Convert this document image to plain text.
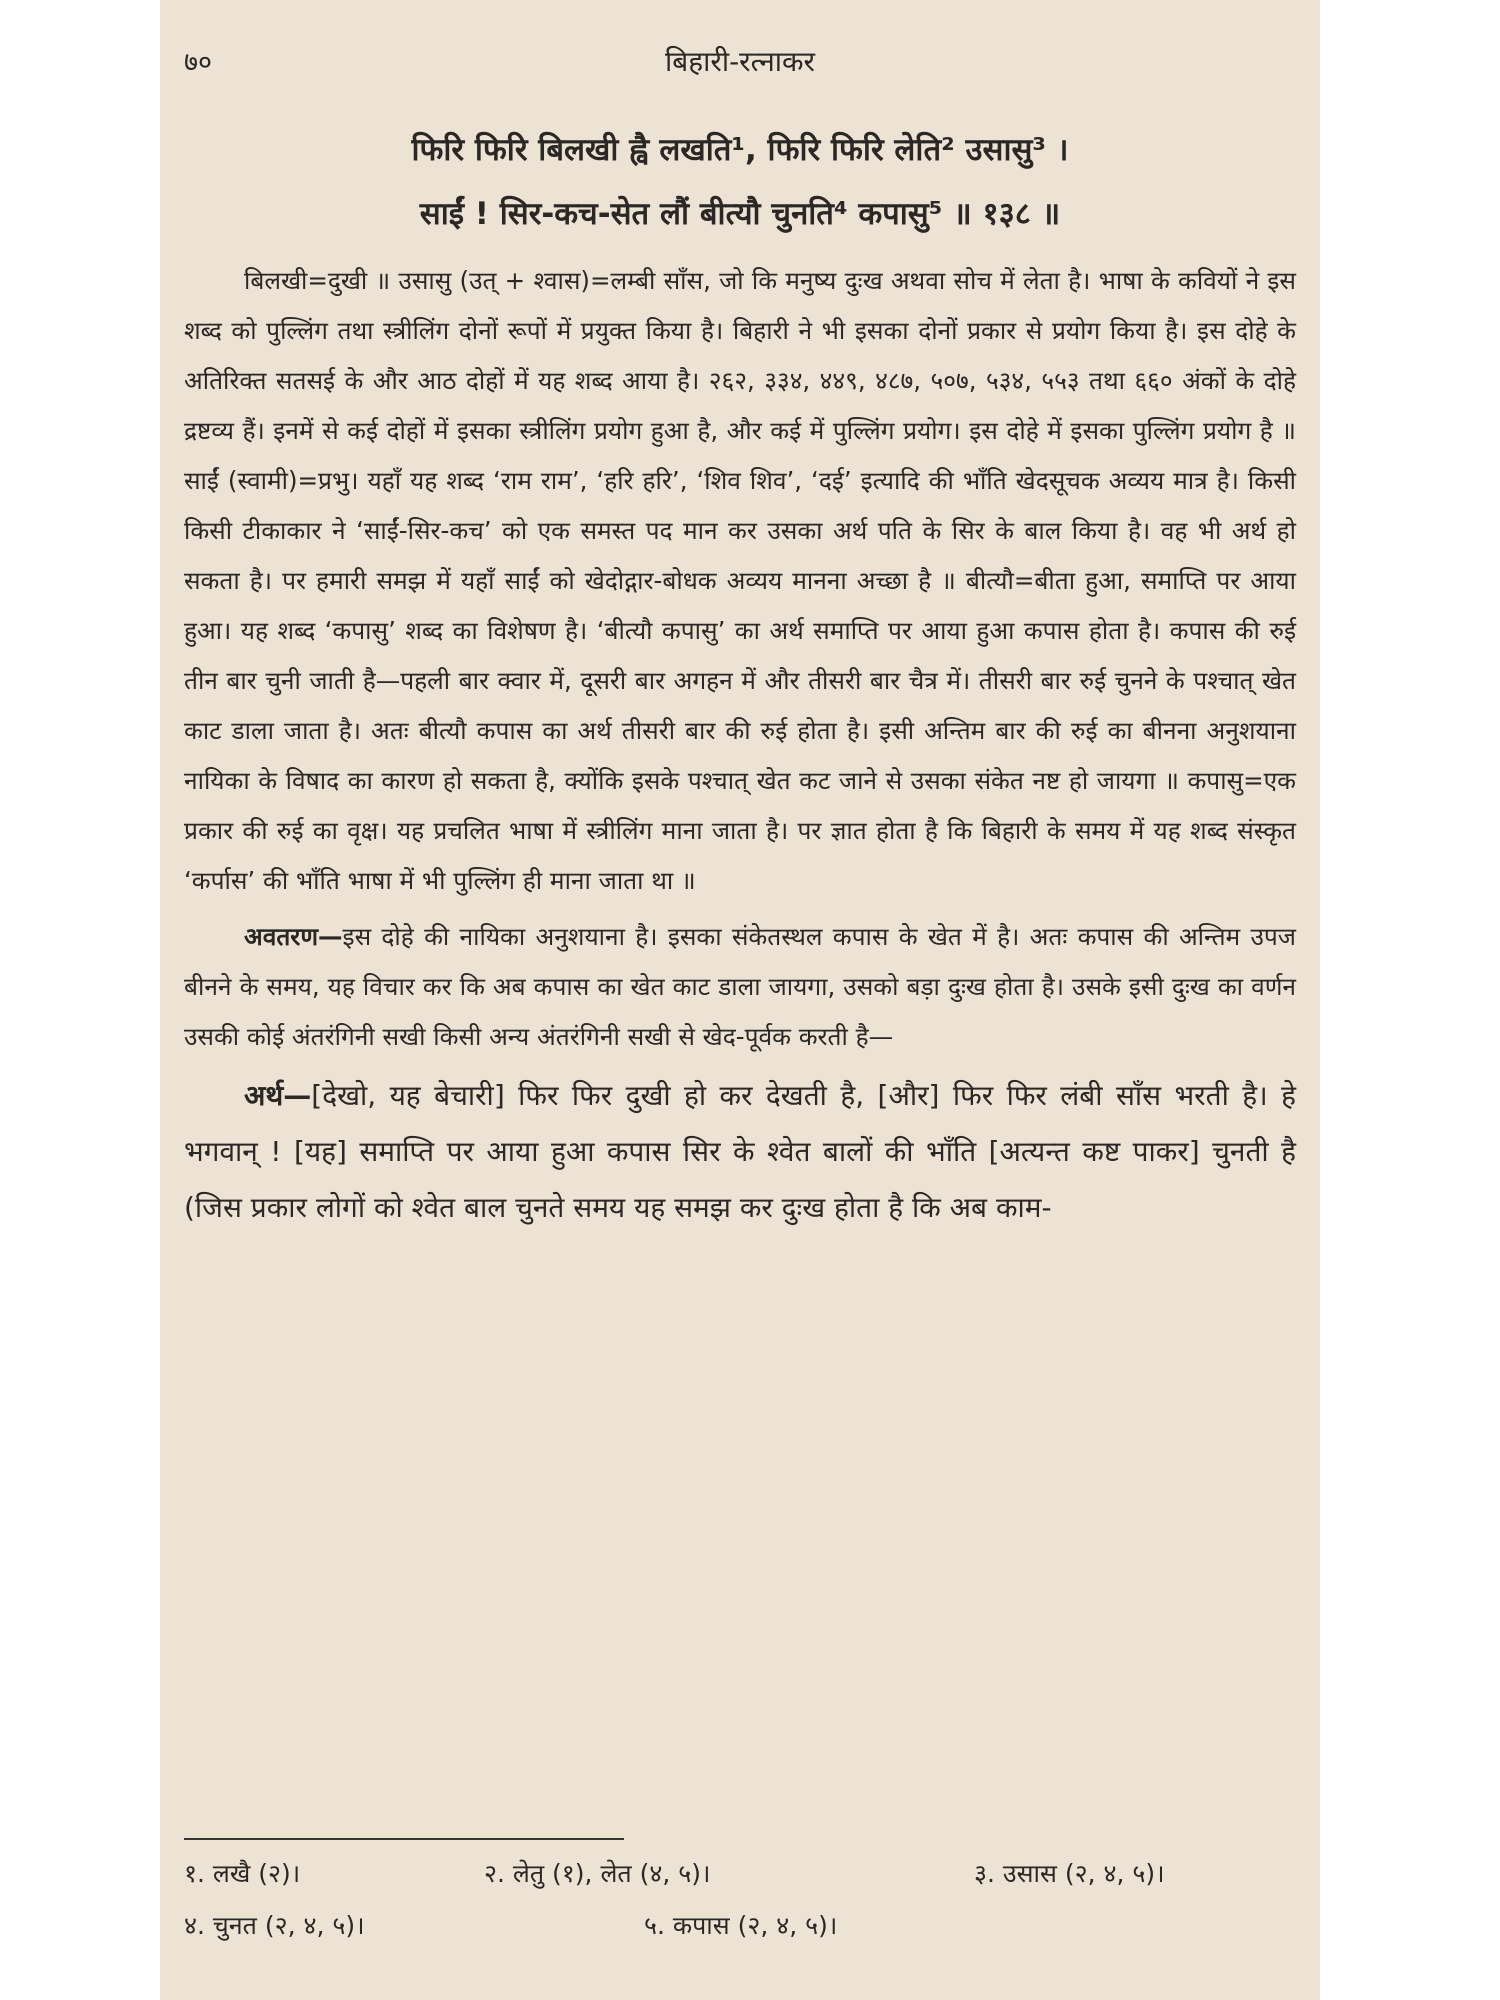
७०	बिहारी-रत्नाकर
फिरि फिरि बिलखी ह्वै लखति¹, फिरि फिरि लेति² उसासु³ ।
साईं ! सिर-कच-सेत लौं बीत्यौ चुनति⁴ कपासु⁵ ॥ १३८ ॥

बिलखी=दुखी ॥ उसासु (उत् + श्वास)=लम्बी साँस, जो कि मनुष्य दुःख अथवा सोच में लेता है। भाषा के कवियों ने इस शब्द को पुल्लिंग तथा स्त्रीलिंग दोनों रूपों में प्रयुक्त किया है। बिहारी ने भी इसका दोनों प्रकार से प्रयोग किया है। इस दोहे के अतिरिक्त सतसई के और आठ दोहों में यह शब्द आया है। २६२, ३३४, ४४९, ४८७, ५०७, ५३४, ५५३ तथा ६६० अंकों के दोहे द्रष्टव्य हैं। इनमें से कई दोहों में इसका स्त्रीलिंग प्रयोग हुआ है, और कई में पुल्लिंग प्रयोग। इस दोहे में इसका पुल्लिंग प्रयोग है ॥ साईं (स्वामी)=प्रभु। यहाँ यह शब्द ‘राम राम’, ‘हरि हरि’, ‘शिव शिव’, ‘दई’ इत्यादि की भाँति खेदसूचक अव्यय मात्र है। किसी किसी टीकाकार ने ‘साईं-सिर-कच’ को एक समस्त पद मान कर उसका अर्थ पति के सिर के बाल किया है। वह भी अर्थ हो सकता है। पर हमारी समझ में यहाँ साईं को खेदोद्गार-बोधक अव्यय मानना अच्छा है ॥ बीत्यौ=बीता हुआ, समाप्ति पर आया हुआ। यह शब्द ‘कपासु’ शब्द का विशेषण है। ‘बीत्यौ कपासु’ का अर्थ समाप्ति पर आया हुआ कपास होता है। कपास की रुई तीन बार चुनी जाती है—पहली बार क्वार में, दूसरी बार अगहन में और तीसरी बार चैत्र में। तीसरी बार रुई चुनने के पश्चात् खेत काट डाला जाता है। अतः बीत्यौ कपास का अर्थ तीसरी बार की रुई होता है। इसी अन्तिम बार की रुई का बीनना अनुशयाना नायिका के विषाद का कारण हो सकता है, क्योंकि इसके पश्चात् खेत कट जाने से उसका संकेत नष्ट हो जायगा ॥ कपासु=एक प्रकार की रुई का वृक्ष। यह प्रचलित भाषा में स्त्रीलिंग माना जाता है। पर ज्ञात होता है कि बिहारी के समय में यह शब्द संस्कृत ‘कर्पास’ की भाँति भाषा में भी पुल्लिंग ही माना जाता था ॥

अवतरण—इस दोहे की नायिका अनुशयाना है। इसका संकेतस्थल कपास के खेत में है। अतः कपास की अन्तिम उपज बीनने के समय, यह विचार कर कि अब कपास का खेत काट डाला जायगा, उसको बड़ा दुःख होता है। उसके इसी दुःख का वर्णन उसकी कोई अंतरंगिनी सखी किसी अन्य अंतरंगिनी सखी से खेद-पूर्वक करती है—

अर्थ—[देखो, यह बेचारी] फिर फिर दुखी हो कर देखती है, [और] फिर फिर लंबी साँस भरती है। हे भगवान् ! [यह] समाप्ति पर आया हुआ कपास सिर के श्वेत बालों की भाँति [अत्यन्त कष्ट पाकर] चुनती है (जिस प्रकार लोगों को श्वेत बाल चुनते समय यह समझ कर दुःख होता है कि अब काम-

१. लखै (२)।	२. लेतु (१), लेत (४, ५)।	३. उसास (२, ४, ५)।
४. चुनत (२, ४, ५)।	५. कपास (२, ४, ५)।
